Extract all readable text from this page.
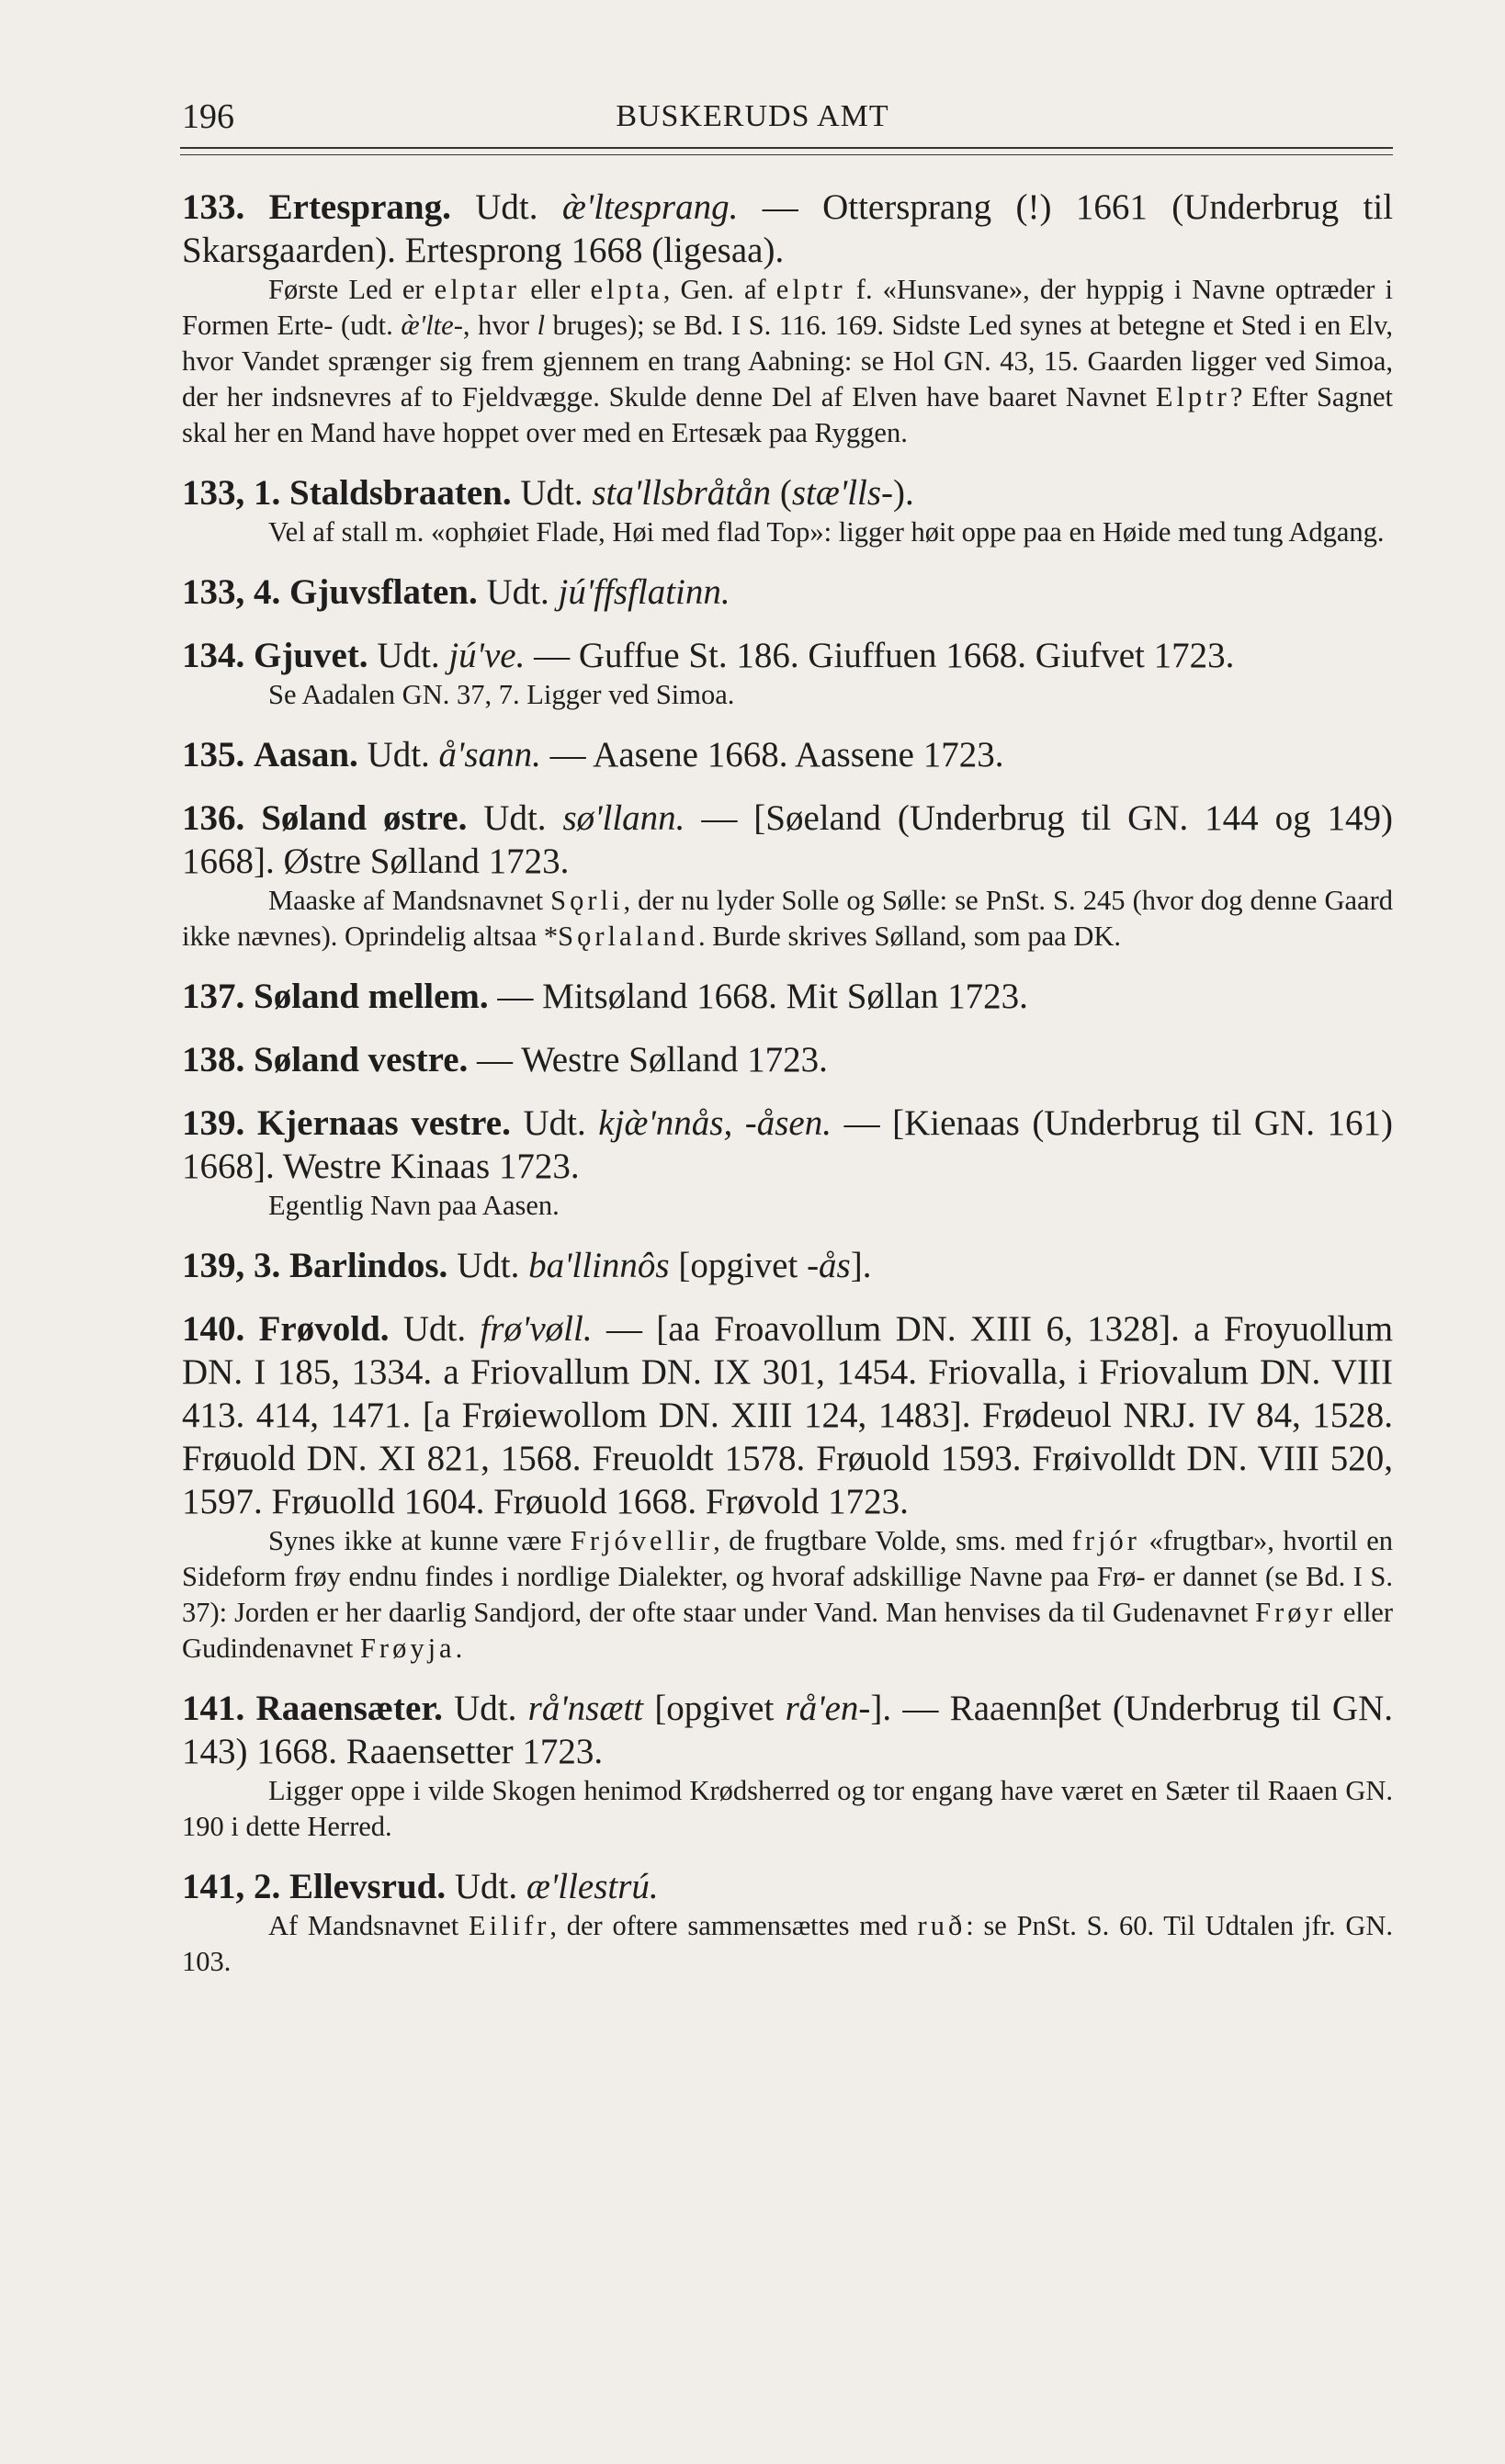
196	BUSKERUDS AMT

133. Ertesprang. Udt. æ̀'ltesprang. — Ottersprang (!) 1661 (Underbrug til Skarsgaarden). Ertesprong 1668 (ligesaa).

Første Led er elptar eller elpta, Gen. af elptr f. «Hunsvane», der hyppig i Navne optræder i Formen Erte- (udt. æ̀'lte-, hvor l bruges); se Bd. I S. 116. 169. Sidste Led synes at betegne et Sted i en Elv, hvor Vandet sprænger sig frem gjennem en trang Aabning: se Hol GN. 43, 15. Gaarden ligger ved Simoa, der her indsnevres af to Fjeldvægge. Skulde denne Del af Elven have baaret Navnet Elptr? Efter Sagnet skal her en Mand have hoppet over med en Ertesæk paa Ryggen.

133, 1. Staldsbraaten. Udt. sta'llsbråtån (stæ'lls-).

Vel af stall m. «ophøiet Flade, Høi med flad Top»: ligger høit oppe paa en Høide med tung Adgang.

133, 4. Gjuvsflaten. Udt. jú'ffsflatinn.

134. Gjuvet. Udt. jú've. — Guffue St. 186. Giuffuen 1668. Giufvet 1723.

Se Aadalen GN. 37, 7. Ligger ved Simoa.

135. Aasan. Udt. å'sann. — Aasene 1668. Aassene 1723.

136. Søland østre. Udt. sø'llann. — [Søeland (Underbrug til GN. 144 og 149) 1668]. Østre Sølland 1723.

Maaske af Mandsnavnet Sǫrli, der nu lyder Solle og Sølle: se PnSt. S. 245 (hvor dog denne Gaard ikke nævnes). Oprindelig altsaa *Sǫrlaland. Burde skrives Sølland, som paa DK.

137. Søland mellem. — Mitsøland 1668. Mit Søllan 1723.

138. Søland vestre. — Westre Sølland 1723.

139. Kjernaas vestre. Udt. kjæ̀'nnås, -åsen. — [Kienaas (Underbrug til GN. 161) 1668]. Westre Kinaas 1723.

Egentlig Navn paa Aasen.

139, 3. Barlindos. Udt. ba'llinnôs [opgivet -ås].

140. Frøvold. Udt. frø'vøll. — [aa Froavollum DN. XIII 6, 1328]. a Froyuollum DN. I 185, 1334. a Friovallum DN. IX 301, 1454. Friovalla, i Friovalum DN. VIII 413. 414, 1471. [a Frøiewollom DN. XIII 124, 1483]. Frødeuol NRJ. IV 84, 1528. Frøuold DN. XI 821, 1568. Freuoldt 1578. Frøuold 1593. Frøivolldt DN. VIII 520, 1597. Frøuolld 1604. Frøuold 1668. Frøvold 1723.

Synes ikke at kunne være Frjóvellir, de frugtbare Volde, sms. med frjór «frugtbar», hvortil en Sideform frøy endnu findes i nordlige Dialekter, og hvoraf adskillige Navne paa Frø- er dannet (se Bd. I S. 37): Jorden er her daarlig Sandjord, der ofte staar under Vand. Man henvises da til Gudenavnet Frøyr eller Gudindenavnet Frøyja.

141. Raaensæter. Udt. rå'nsætt [opgivet rå'en-]. — Raaennβet (Underbrug til GN. 143) 1668. Raaensetter 1723.

Ligger oppe i vilde Skogen henimod Krødsherred og tor engang have været en Sæter til Raaen GN. 190 i dette Herred.

141, 2. Ellevsrud. Udt. æ'llestrú.

Af Mandsnavnet Eilifr, der oftere sammensættes med ruð: se PnSt. S. 60. Til Udtalen jfr. GN. 103.
